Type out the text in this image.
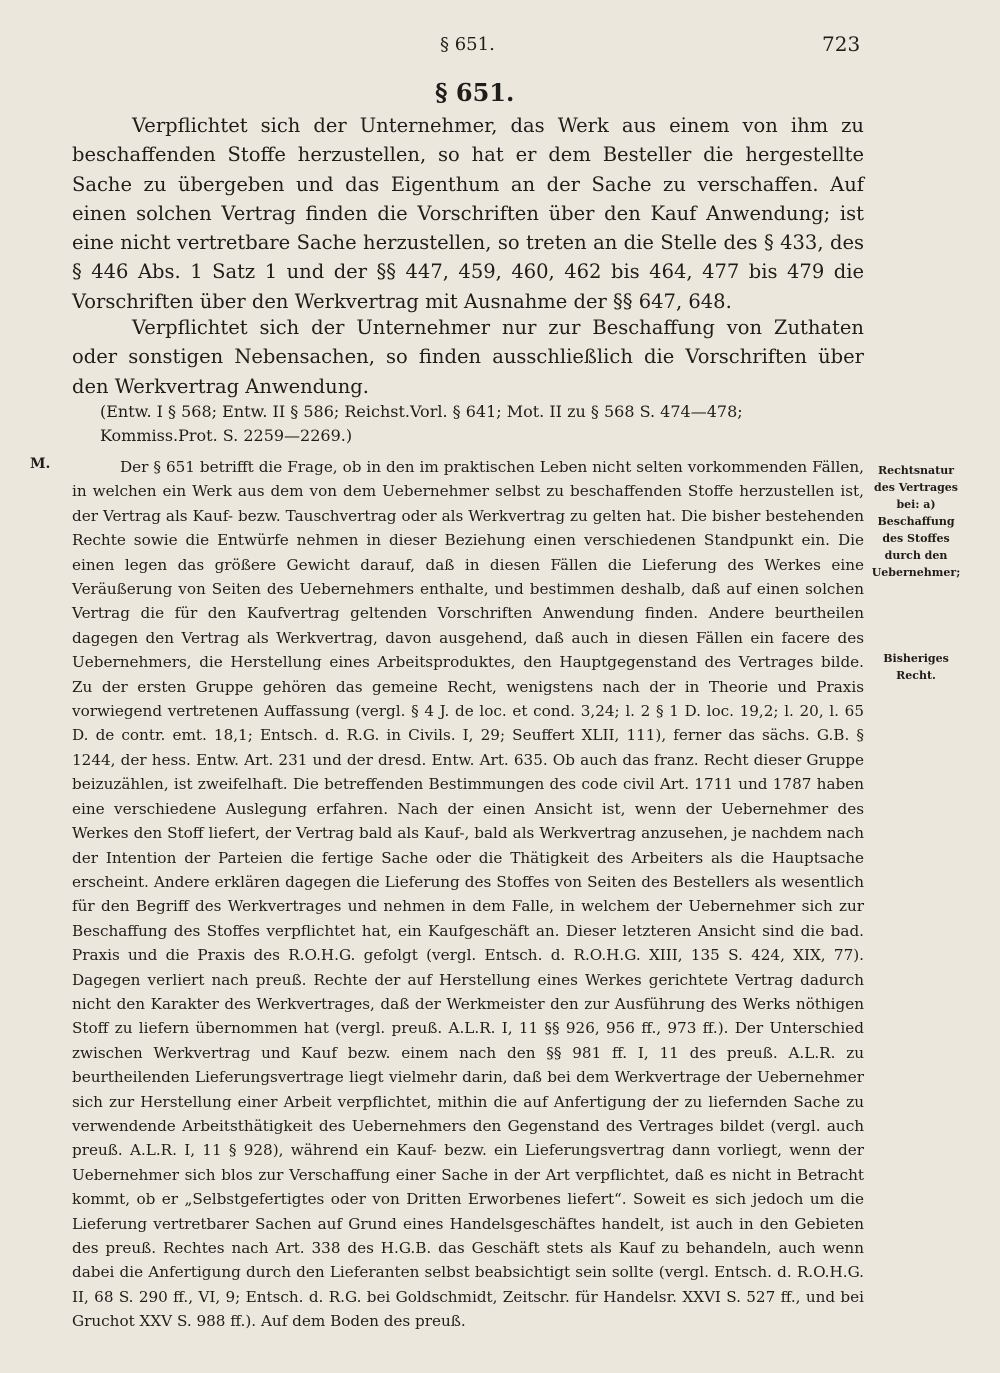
§ 651.	723
§ 651.

Verpflichtet sich der Unternehmer, das Werk aus einem von ihm zu beschaffenden Stoffe herzustellen, so hat er dem Besteller die hergestellte Sache zu übergeben und das Eigenthum an der Sache zu verschaffen. Auf einen solchen Vertrag finden die Vorschriften über den Kauf Anwendung; ist eine nicht vertretbare Sache herzustellen, so treten an die Stelle des § 433, des § 446 Abs. 1 Satz 1 und der §§ 447, 459, 460, 462 bis 464, 477 bis 479 die Vorschriften über den Werkvertrag mit Ausnahme der §§ 647, 648.

Verpflichtet sich der Unternehmer nur zur Beschaffung von Zuthaten oder sonstigen Nebensachen, so finden ausschließlich die Vorschriften über den Werkvertrag Anwendung.

(Entw. I § 568; Entw. II § 586; Reichst.Vorl. § 641; Mot. II zu § 568 S. 474—478; Kommiss.Prot. S. 2259—2269.)
M.	Der § 651 betrifft die Frage, ob in den im praktischen Leben nicht selten vorkommenden Fällen, in welchen ein Werk aus dem von dem Uebernehmer selbst zu beschaffenden Stoffe herzustellen ist, der Vertrag als Kauf- bezw. Tauschvertrag oder als Werkvertrag zu gelten hat. Die bisher bestehenden Rechte sowie die Entwürfe nehmen in dieser Beziehung einen verschiedenen Standpunkt ein. Die einen legen das größere Gewicht darauf, daß in diesen Fällen die Lieferung des Werkes eine Veräußerung von Seiten des Uebernehmers enthalte, und bestimmen deshalb, daß auf einen solchen Vertrag die für den Kaufvertrag geltenden Vorschriften Anwendung finden. Andere beurtheilen dagegen den Vertrag als Werkvertrag, davon ausgehend, daß auch in diesen Fällen ein facere des Uebernehmers, die Herstellung eines Arbeitsproduktes, den Hauptgegenstand des Vertrages bilde. Zu der ersten Gruppe gehören das gemeine Recht, wenigstens nach der in Theorie und Praxis vorwiegend vertretenen Auffassung (vergl. § 4 J. de loc. et cond. 3,24; l. 2 § 1 D. loc. 19,2; l. 20, l. 65 D. de contr. emt. 18,1; Entsch. d. R.G. in Civils. I, 29; Seuffert XLII, 111), ferner das sächs. G.B. § 1244, der hess. Entw. Art. 231 und der dresd. Entw. Art. 635. Ob auch das franz. Recht dieser Gruppe beizuzählen, ist zweifelhaft. Die betreffenden Bestimmungen des code civil Art. 1711 und 1787 haben eine verschiedene Auslegung erfahren. Nach der einen Ansicht ist, wenn der Uebernehmer des Werkes den Stoff liefert, der Vertrag bald als Kauf-, bald als Werkvertrag anzusehen, je nachdem nach der Intention der Parteien die fertige Sache oder die Thätigkeit des Arbeiters als die Hauptsache erscheint. Andere erklären dagegen die Lieferung des Stoffes von Seiten des Bestellers als wesentlich für den Begriff des Werkvertrages und nehmen in dem Falle, in welchem der Uebernehmer sich zur Beschaffung des Stoffes verpflichtet hat, ein Kaufgeschäft an. Dieser letzteren Ansicht sind die bad. Praxis und die Praxis des R.O.H.G. gefolgt (vergl. Entsch. d. R.O.H.G. XIII, 135 S. 424, XIX, 77). Dagegen verliert nach preuß. Rechte der auf Herstellung eines Werkes gerichtete Vertrag dadurch nicht den Karakter des Werkvertrages, daß der Werkmeister den zur Ausführung des Werks nöthigen Stoff zu liefern übernommen hat (vergl. preuß. A.L.R. I, 11 §§ 926, 956 ff., 973 ff.). Der Unterschied zwischen Werkvertrag und Kauf bezw. einem nach den §§ 981 ff. I, 11 des preuß. A.L.R. zu beurtheilenden Lieferungsvertrage liegt vielmehr darin, daß bei dem Werkvertrage der Uebernehmer sich zur Herstellung einer Arbeit verpflichtet, mithin die auf Anfertigung der zu liefernden Sache zu verwendende Arbeitsthätigkeit des Uebernehmers den Gegenstand des Vertrages bildet (vergl. auch preuß. A.L.R. I, 11 § 928), während ein Kauf- bezw. ein Lieferungsvertrag dann vorliegt, wenn der Uebernehmer sich blos zur Verschaffung einer Sache in der Art verpflichtet, daß es nicht in Betracht kommt, ob er „Selbstgefertigtes oder von Dritten Erworbenes liefert“. Soweit es sich jedoch um die Lieferung vertretbarer Sachen auf Grund eines Handelsgeschäftes handelt, ist auch in den Gebieten des preuß. Rechtes nach Art. 338 des H.G.B. das Geschäft stets als Kauf zu behandeln, auch wenn dabei die Anfertigung durch den Lieferanten selbst beabsichtigt sein sollte (vergl. Entsch. d. R.O.H.G. II, 68 S. 290 ff., VI, 9; Entsch. d. R.G. bei Goldschmidt, Zeitschr. für Handelsr. XXVI S. 527 ff., und bei Gruchot XXV S. 988 ff.). Auf dem Boden des preuß.

Rechtsnatur des Vertrages bei: a) Beschaffung des Stoffes durch den Uebernehmer;
Bisheriges Recht.
